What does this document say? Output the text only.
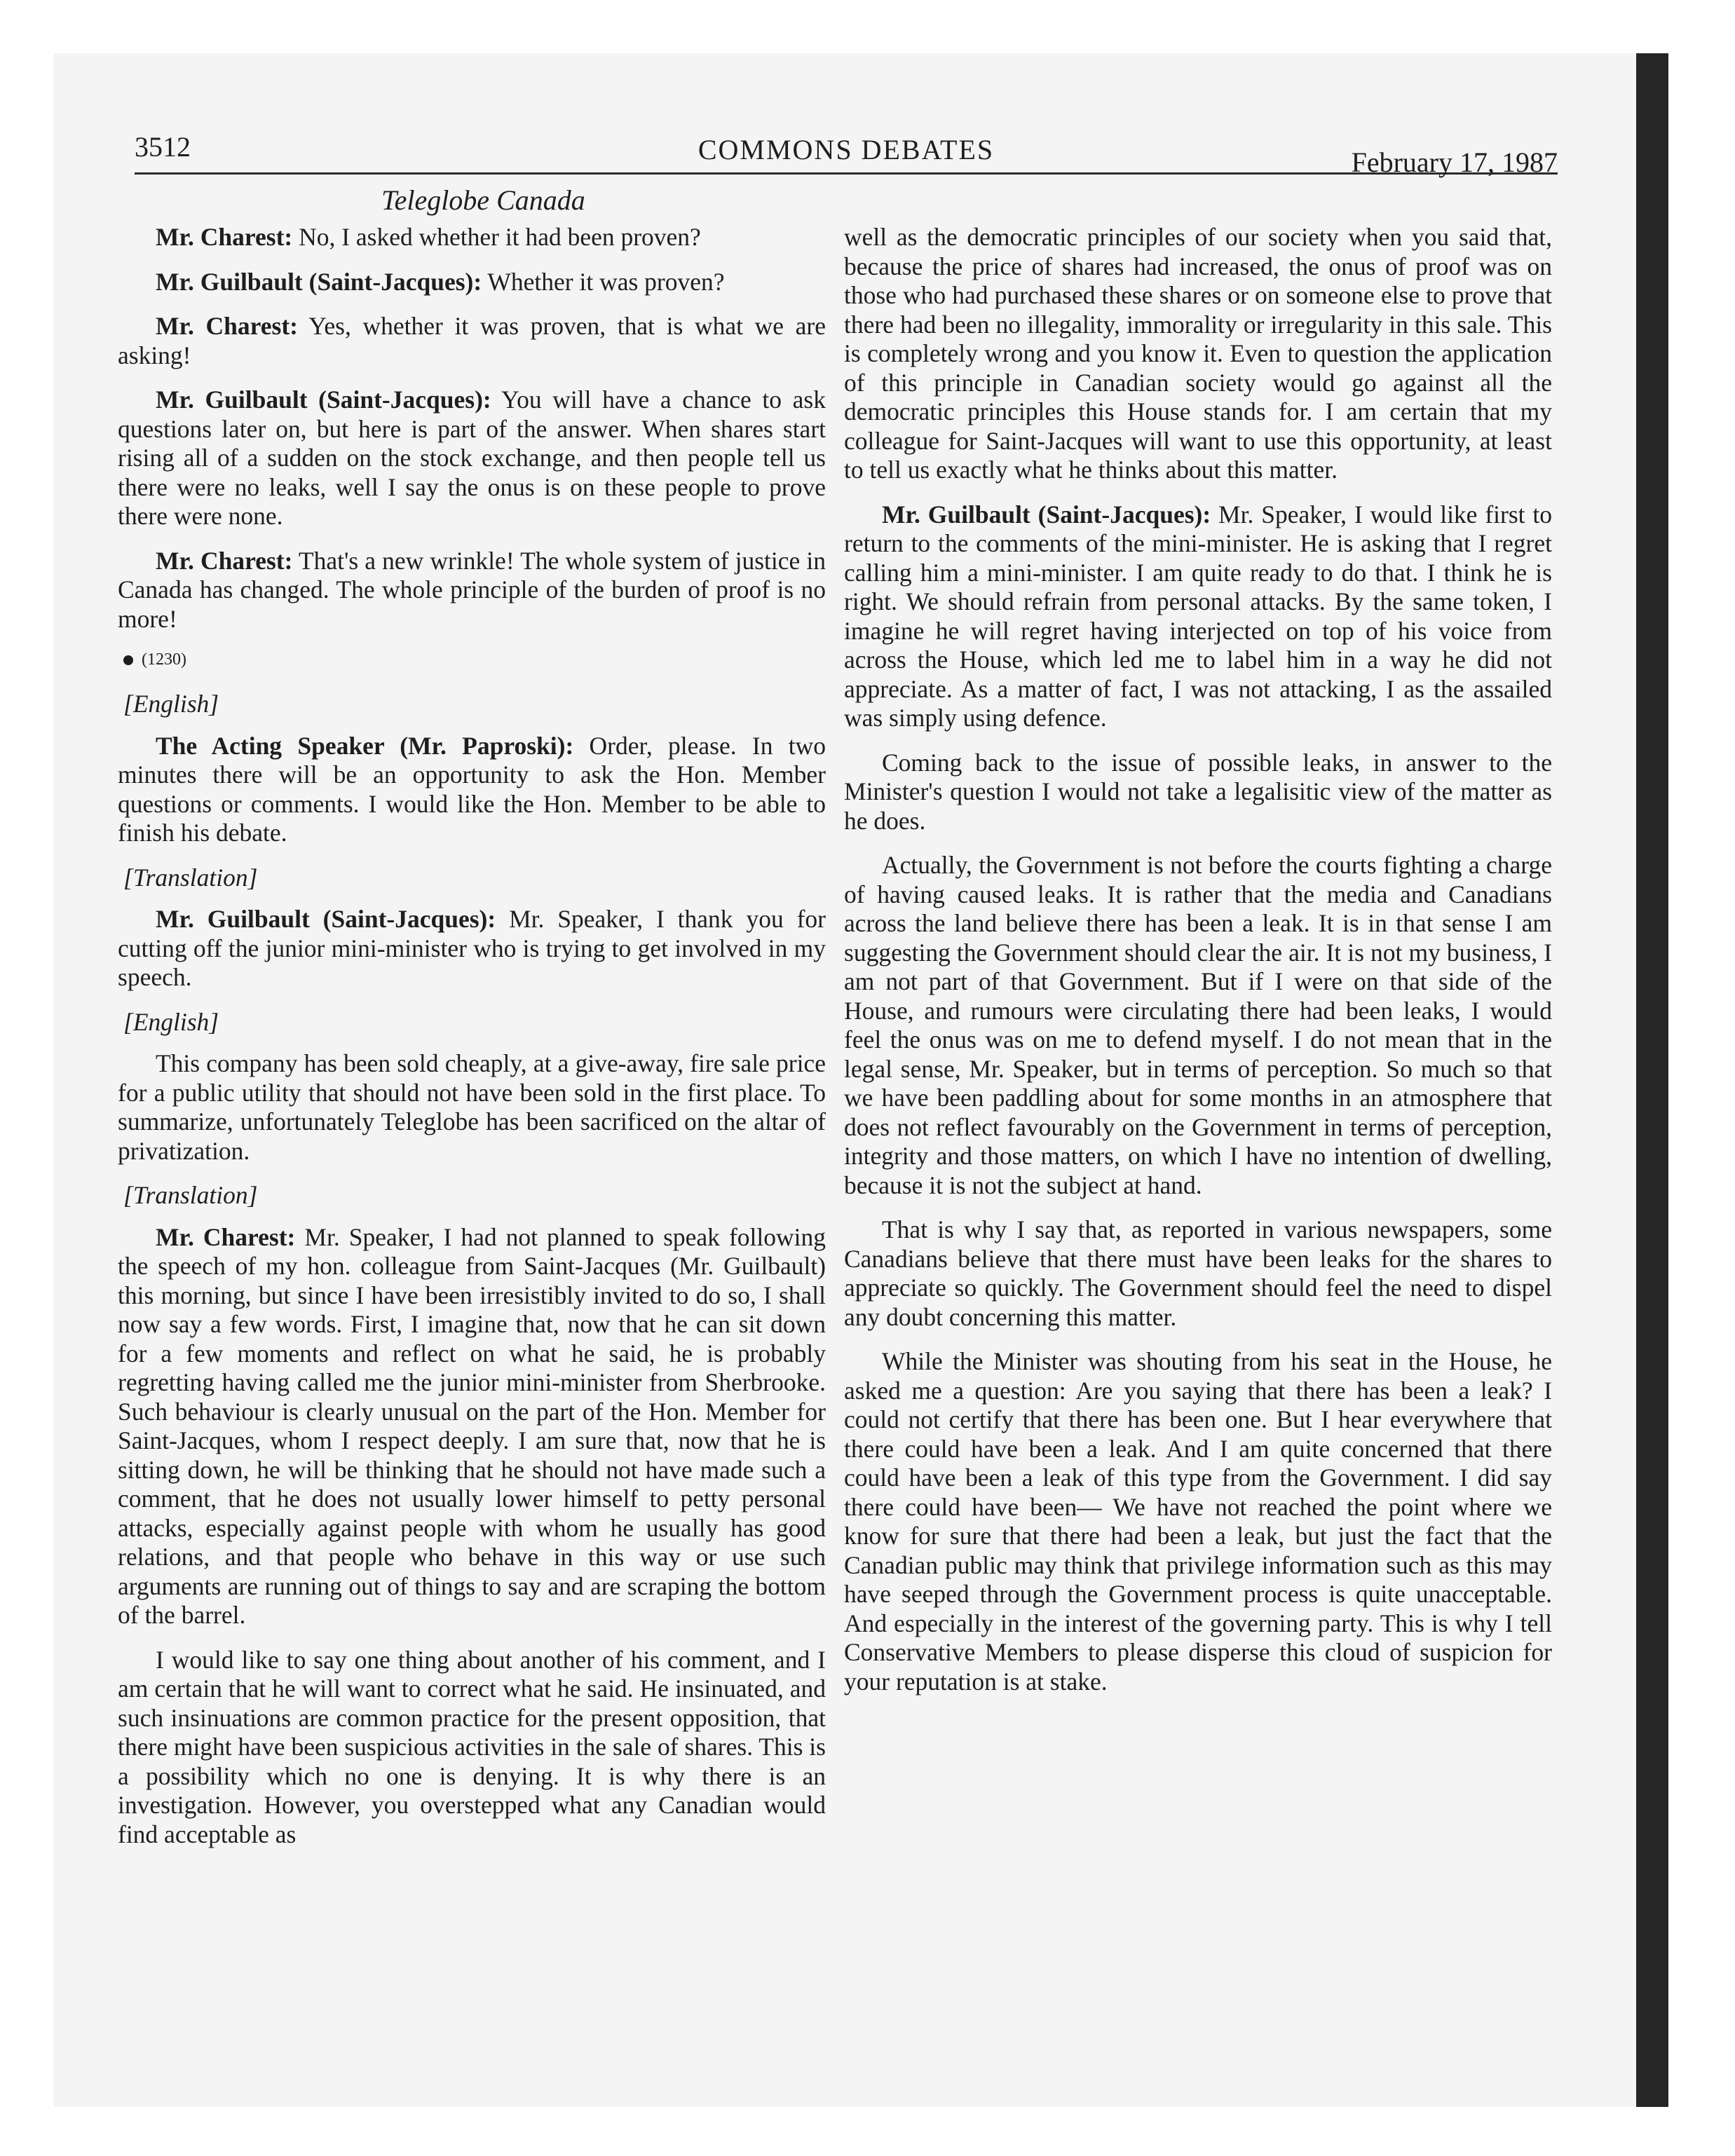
3512	COMMONS DEBATES	February 17, 1987
Teleglobe Canada

Mr. Charest: No, I asked whether it had been proven?

Mr. Guilbault (Saint-Jacques): Whether it was proven?

Mr. Charest: Yes, whether it was proven, that is what we are asking!

Mr. Guilbault (Saint-Jacques): You will have a chance to ask questions later on, but here is part of the answer. When shares start rising all of a sudden on the stock exchange, and then people tell us there were no leaks, well I say the onus is on these people to prove there were none.

Mr. Charest: That's a new wrinkle! The whole system of justice in Canada has changed. The whole principle of the burden of proof is no more!

(1230)
[English]

The Acting Speaker (Mr. Paproski): Order, please. In two minutes there will be an opportunity to ask the Hon. Member questions or comments. I would like the Hon. Member to be able to finish his debate.

[Translation]

Mr. Guilbault (Saint-Jacques): Mr. Speaker, I thank you for cutting off the junior mini-minister who is trying to get involved in my speech.

[English]

This company has been sold cheaply, at a give-away, fire sale price for a public utility that should not have been sold in the first place. To summarize, unfortunately Teleglobe has been sacrificed on the altar of privatization.

[Translation]

Mr. Charest: Mr. Speaker, I had not planned to speak following the speech of my hon. colleague from Saint-Jacques (Mr. Guilbault) this morning, but since I have been irresistibly invited to do so, I shall now say a few words. First, I imagine that, now that he can sit down for a few moments and reflect on what he said, he is probably regretting having called me the junior mini-minister from Sherbrooke. Such behaviour is clearly unusual on the part of the Hon. Member for Saint-Jacques, whom I respect deeply. I am sure that, now that he is sitting down, he will be thinking that he should not have made such a comment, that he does not usually lower himself to petty personal attacks, especially against people with whom he usually has good relations, and that people who behave in this way or use such arguments are running out of things to say and are scraping the bottom of the barrel.

I would like to say one thing about another of his comment, and I am certain that he will want to correct what he said. He insinuated, and such insinuations are common practice for the present opposition, that there might have been suspicious activities in the sale of shares. This is a possibility which no one is denying. It is why there is an investigation. However, you overstepped what any Canadian would find acceptable as

well as the democratic principles of our society when you said that, because the price of shares had increased, the onus of proof was on those who had purchased these shares or on someone else to prove that there had been no illegality, immorality or irregularity in this sale. This is completely wrong and you know it. Even to question the application of this principle in Canadian society would go against all the democratic principles this House stands for. I am certain that my colleague for Saint-Jacques will want to use this opportunity, at least to tell us exactly what he thinks about this matter.

Mr. Guilbault (Saint-Jacques): Mr. Speaker, I would like first to return to the comments of the mini-minister. He is asking that I regret calling him a mini-minister. I am quite ready to do that. I think he is right. We should refrain from personal attacks. By the same token, I imagine he will regret having interjected on top of his voice from across the House, which led me to label him in a way he did not appreciate. As a matter of fact, I was not attacking, I as the assailed was simply using defence.

Coming back to the issue of possible leaks, in answer to the Minister's question I would not take a legalisitic view of the matter as he does.

Actually, the Government is not before the courts fighting a charge of having caused leaks. It is rather that the media and Canadians across the land believe there has been a leak. It is in that sense I am suggesting the Government should clear the air. It is not my business, I am not part of that Government. But if I were on that side of the House, and rumours were circulating there had been leaks, I would feel the onus was on me to defend myself. I do not mean that in the legal sense, Mr. Speaker, but in terms of perception. So much so that we have been paddling about for some months in an atmosphere that does not reflect favourably on the Government in terms of perception, integrity and those matters, on which I have no intention of dwelling, because it is not the subject at hand.

That is why I say that, as reported in various newspapers, some Canadians believe that there must have been leaks for the shares to appreciate so quickly. The Government should feel the need to dispel any doubt concerning this matter.

While the Minister was shouting from his seat in the House, he asked me a question: Are you saying that there has been a leak? I could not certify that there has been one. But I hear everywhere that there could have been a leak. And I am quite concerned that there could have been a leak of this type from the Government. I did say there could have been— We have not reached the point where we know for sure that there had been a leak, but just the fact that the Canadian public may think that privilege information such as this may have seeped through the Government process is quite unacceptable. And especially in the interest of the governing party. This is why I tell Conservative Members to please disperse this cloud of suspicion for your reputation is at stake.
